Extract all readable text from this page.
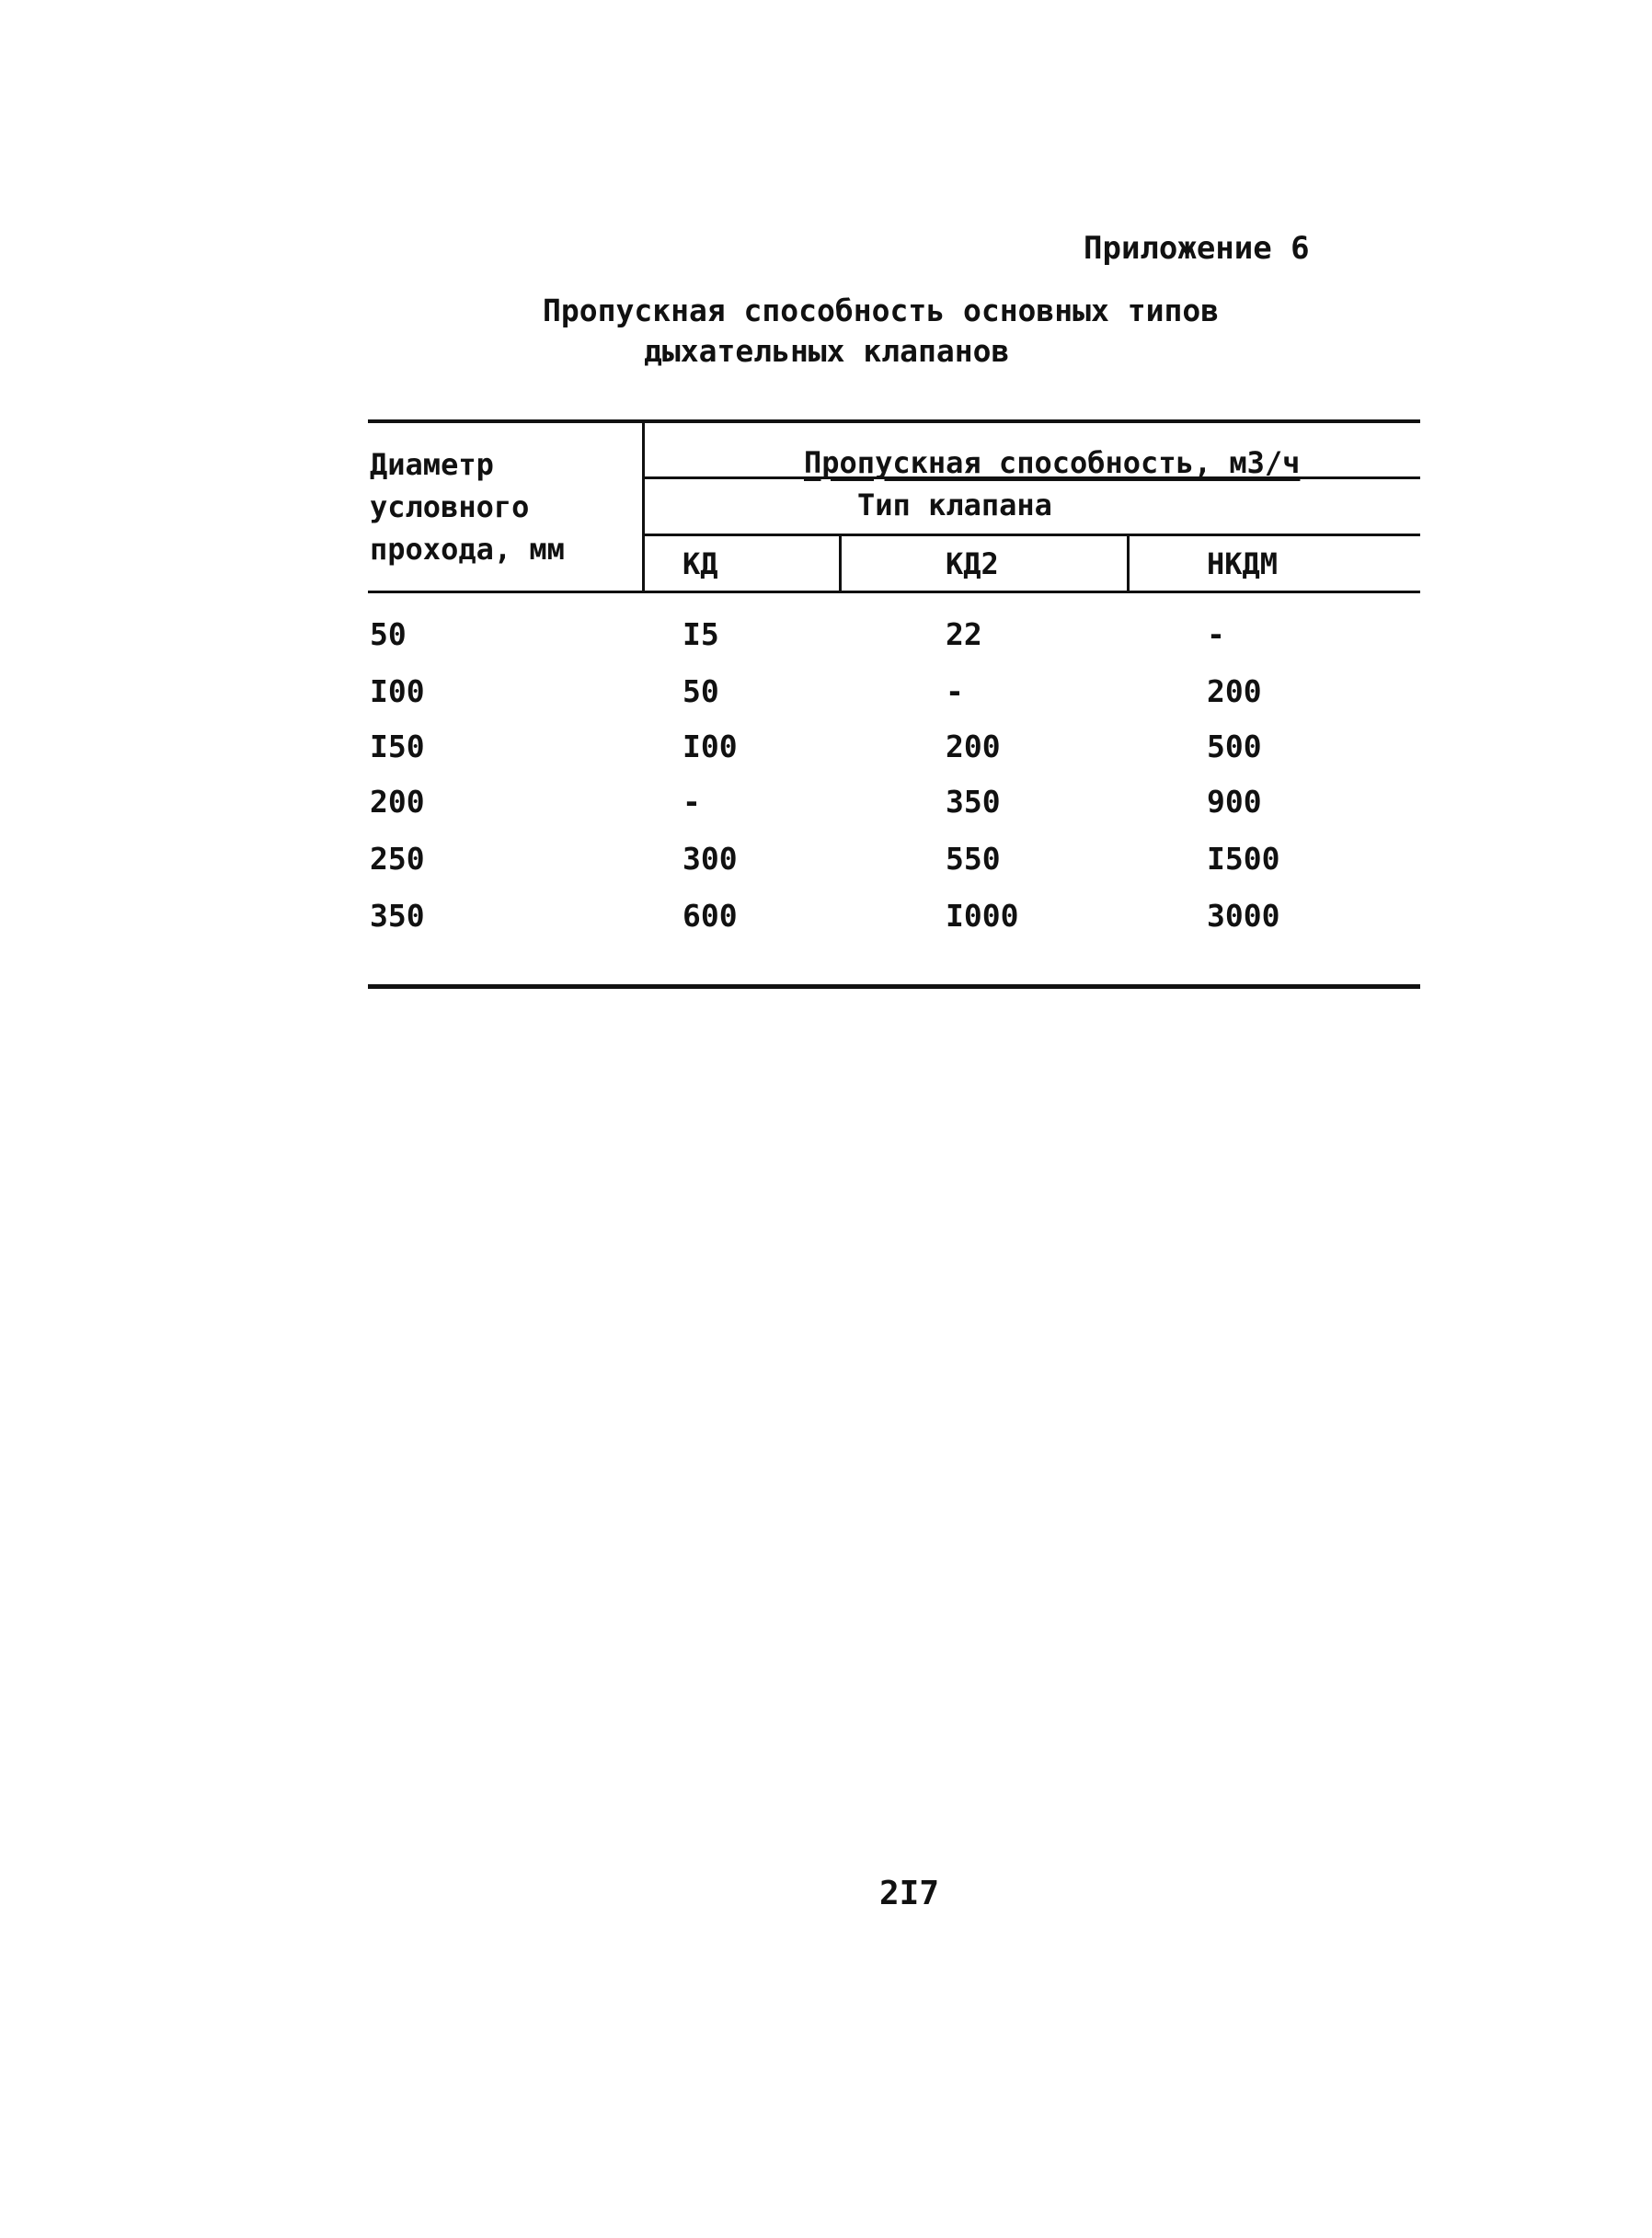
Приложение 6
Пропускная способность основных типов
дыхательных клапанов
Диаметр
условного
прохода, мм
Пропускная способность, м3/ч
Тип клапана
КД	КД2	НКДМ
50	I5	22	-
I00	50	-	200
I50	I00	200	500
200	-	350	900
250	300	550	I500
350	600	I000	3000
2I7
